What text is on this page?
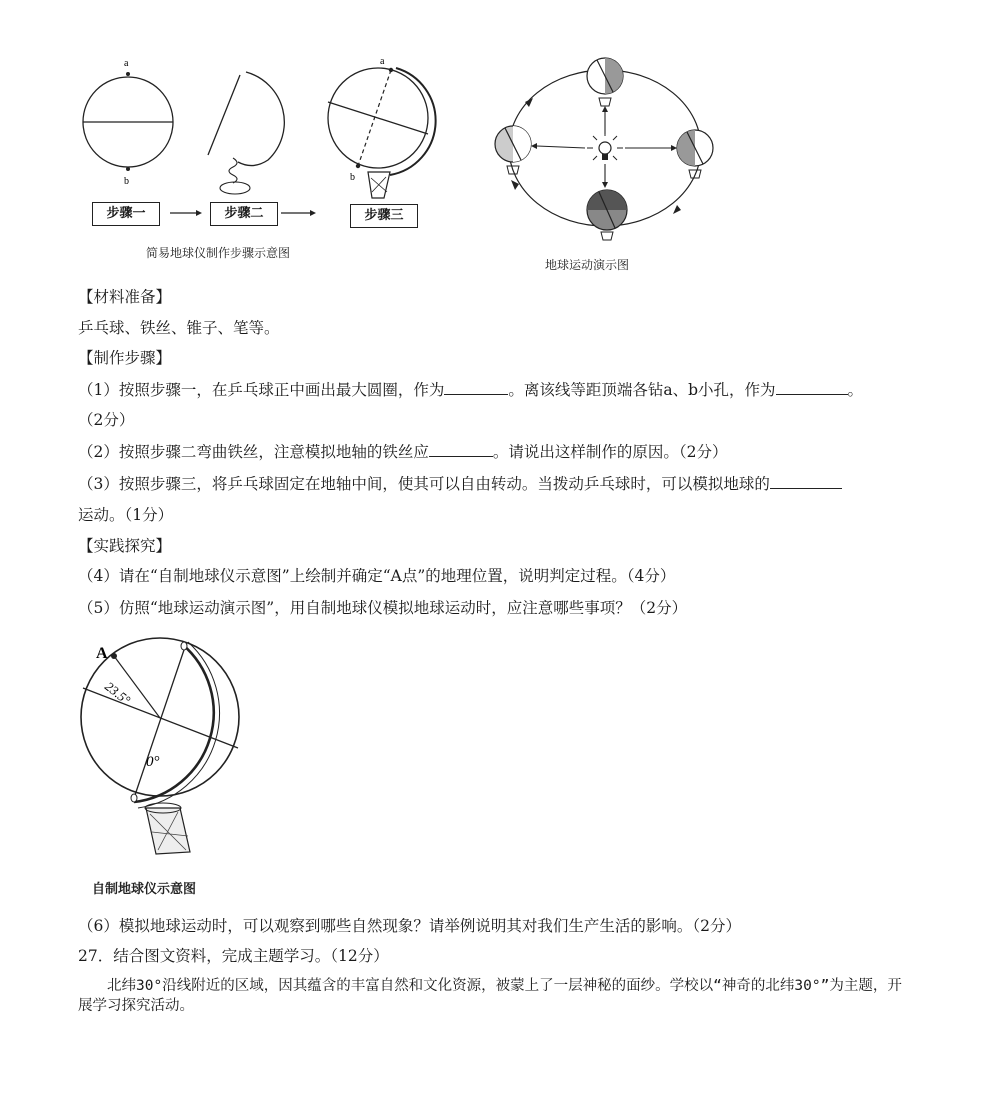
a
b
a
b
步骤一	步骤二	步骤三
简易地球仪制作步骤示意图
地球运动演示图
【材料准备】
乒乓球、铁丝、锥子、笔等。
【制作步骤】
（1）按照步骤一，在乒乓球正中画出最大圆圈，作为	。离该线等距顶端各钻a、b小孔，作为	。
（2分）
（2）按照步骤二弯曲铁丝，注意模拟地轴的铁丝应	。请说出这样制作的原因。（2分）
（3）按照步骤三，将乒乓球固定在地轴中间，使其可以自由转动。当拨动乒乓球时，可以模拟地球的
运动。（1分）
【实践探究】
（4）请在“自制地球仪示意图”上绘制并确定“A点”的地理位置，说明判定过程。（4分）
（5）仿照“地球运动演示图”，用自制地球仪模拟地球运动时，应注意哪些事项？（2分）
A
23.5°
0°
自制地球仪示意图
（6）模拟地球运动时，可以观察到哪些自然现象？请举例说明其对我们生产生活的影响。（2分）
27．结合图文资料，完成主题学习。（12分）
北纬30°沿线附近的区域，因其蕴含的丰富自然和文化资源，被蒙上了一层神秘的面纱。学校以“神奇的北纬30°”为主题，开展学习探究活动。
